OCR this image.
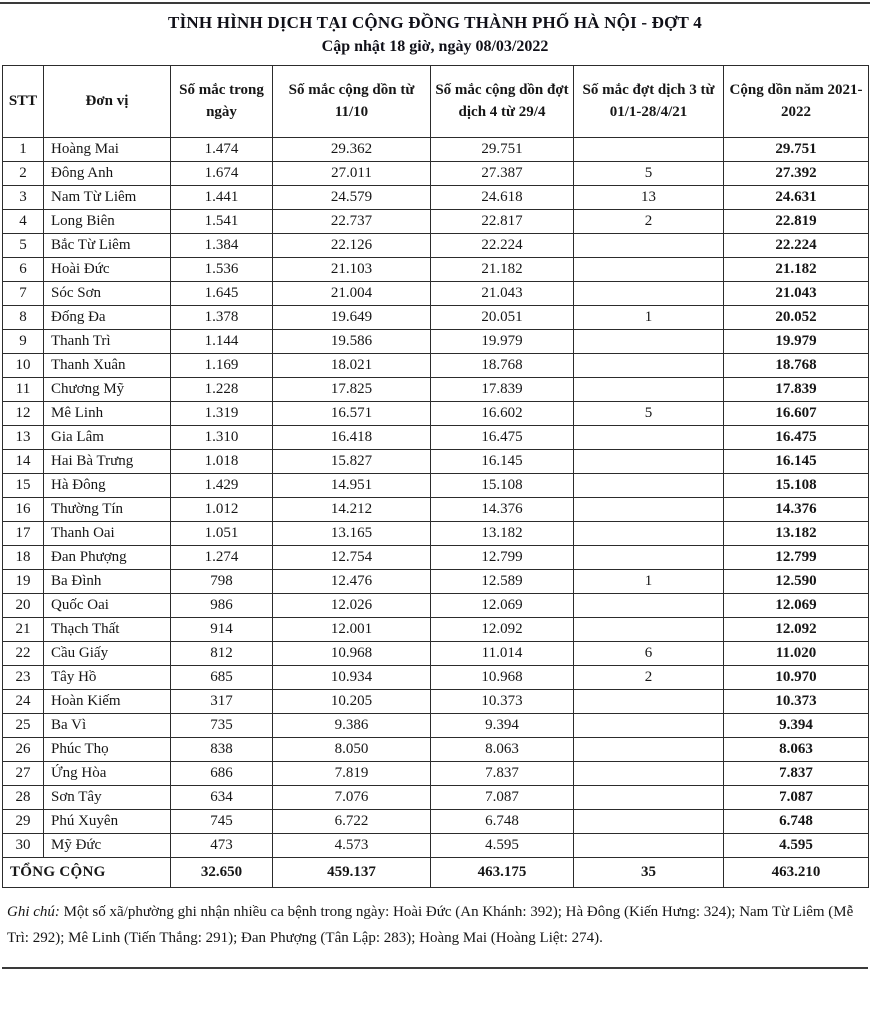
TÌNH HÌNH DỊCH TẠI CỘNG ĐỒNG THÀNH PHỐ HÀ NỘI - ĐỢT 4
Cập nhật 18 giờ, ngày 08/03/2022
STT	Đơn vị	Số mắc trong ngày	Số mắc cộng dồn từ 11/10	Số mắc cộng dồn đợt dịch 4 từ 29/4	Số mắc đợt dịch 3 từ 01/1-28/4/21	Cộng dồn năm 2021-2022
1	Hoàng Mai	1.474	29.362	29.751		29.751
2	Đông Anh	1.674	27.011	27.387	5	27.392
3	Nam Từ Liêm	1.441	24.579	24.618	13	24.631
4	Long Biên	1.541	22.737	22.817	2	22.819
5	Bắc Từ Liêm	1.384	22.126	22.224		22.224
6	Hoài Đức	1.536	21.103	21.182		21.182
7	Sóc Sơn	1.645	21.004	21.043		21.043
8	Đống Đa	1.378	19.649	20.051	1	20.052
9	Thanh Trì	1.144	19.586	19.979		19.979
10	Thanh Xuân	1.169	18.021	18.768		18.768
11	Chương Mỹ	1.228	17.825	17.839		17.839
12	Mê Linh	1.319	16.571	16.602	5	16.607
13	Gia Lâm	1.310	16.418	16.475		16.475
14	Hai Bà Trưng	1.018	15.827	16.145		16.145
15	Hà Đông	1.429	14.951	15.108		15.108
16	Thường Tín	1.012	14.212	14.376		14.376
17	Thanh Oai	1.051	13.165	13.182		13.182
18	Đan Phượng	1.274	12.754	12.799		12.799
19	Ba Đình	798	12.476	12.589	1	12.590
20	Quốc Oai	986	12.026	12.069		12.069
21	Thạch Thất	914	12.001	12.092		12.092
22	Cầu Giấy	812	10.968	11.014	6	11.020
23	Tây Hồ	685	10.934	10.968	2	10.970
24	Hoàn Kiếm	317	10.205	10.373		10.373
25	Ba Vì	735	9.386	9.394		9.394
26	Phúc Thọ	838	8.050	8.063		8.063
27	Ứng Hòa	686	7.819	7.837		7.837
28	Sơn Tây	634	7.076	7.087		7.087
29	Phú Xuyên	745	6.722	6.748		6.748
30	Mỹ Đức	473	4.573	4.595		4.595
TỔNG CỘNG		32.650	459.137	463.175	35	463.210
Ghi chú: Một số xã/phường ghi nhận nhiều ca bệnh trong ngày: Hoài Đức (An Khánh: 392); Hà Đông (Kiến Hưng: 324); Nam Từ Liêm (Mễ Trì: 292); Mê Linh (Tiến Thắng: 291); Đan Phượng (Tân Lập: 283); Hoàng Mai (Hoàng Liệt: 274).
